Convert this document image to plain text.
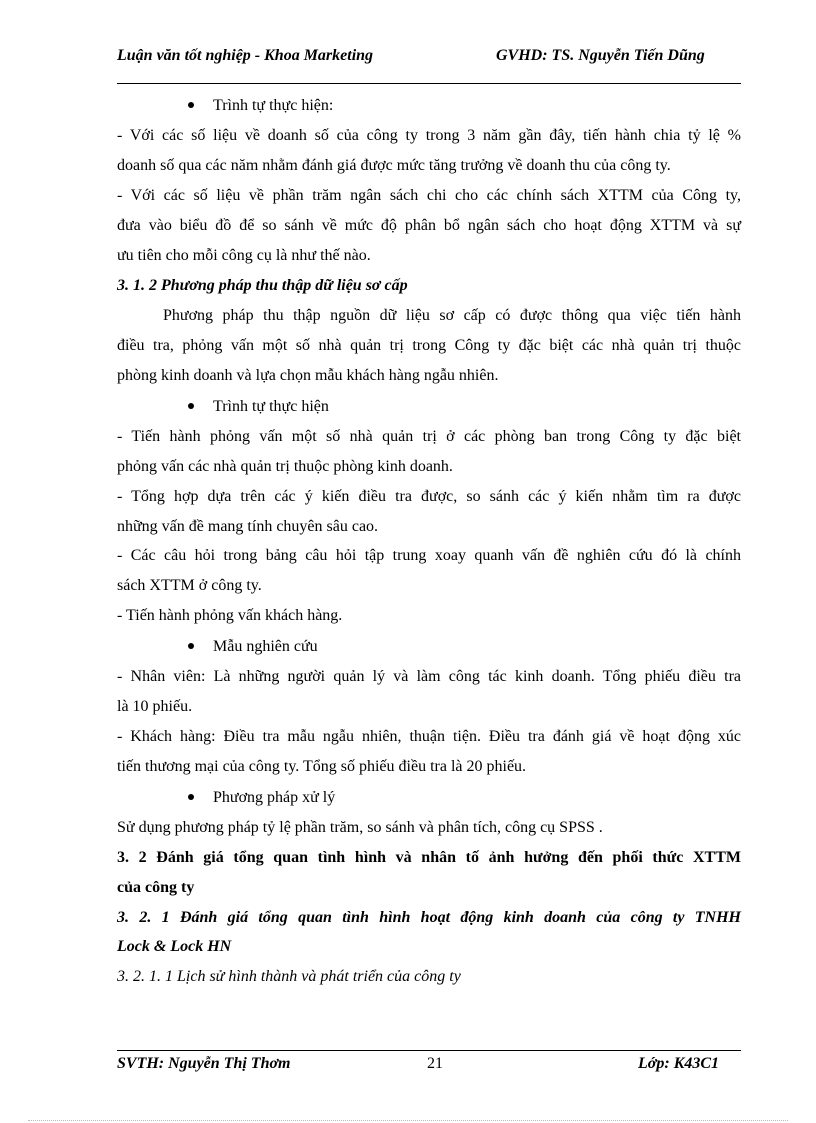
Luận văn tốt nghiệp - Khoa Marketing	GVHD: TS. Nguyễn Tiến Dũng
Trình tự thực hiện:
- Với các số liệu về doanh số của công ty trong 3 năm gần đây, tiến hành chia tỷ lệ %
doanh số qua các năm nhằm đánh giá được mức tăng trưởng về doanh thu của công ty.
- Với các số liệu về phần trăm ngân sách chi cho các chính sách XTTM của Công ty,
đưa vào biểu đồ để so sánh về mức độ phân bổ ngân sách cho hoạt động XTTM và sự
ưu tiên cho mỗi công cụ là như thế nào.
3. 1. 2 Phương pháp thu thập dữ liệu sơ cấp
Phương pháp thu thập nguồn dữ liệu sơ cấp có được thông qua việc tiến hành
điều tra, phỏng vấn một số nhà quản trị trong Công ty đặc biệt các nhà quản trị thuộc
phòng kinh doanh và lựa chọn mẫu khách hàng ngẫu nhiên.
Trình tự thực hiện
- Tiến hành phỏng vấn một số nhà quản trị ở các phòng ban trong Công ty đặc biệt
phỏng vấn các nhà quản trị thuộc phòng kinh doanh.
- Tổng hợp dựa trên các ý kiến điều tra được, so sánh các ý kiến nhằm tìm ra được
những vấn đề mang tính chuyên sâu cao.
- Các câu hỏi trong bảng câu hỏi tập trung xoay quanh vấn đề nghiên cứu đó là chính
sách XTTM ở công ty.
- Tiến hành phỏng vấn khách hàng.
Mẫu nghiên cứu
- Nhân viên: Là những người quản lý và làm công tác kinh doanh. Tổng phiếu điều tra
là 10 phiếu.
- Khách hàng: Điều tra mẫu ngẫu nhiên, thuận tiện. Điều tra đánh giá về hoạt động xúc
tiến thương mại của công ty. Tổng số phiếu điều tra là 20 phiếu.
Phương pháp xử lý
Sử dụng phương pháp tỷ lệ phần trăm, so sánh và phân tích, công cụ SPSS .
3. 2 Đánh giá tổng quan tình hình và nhân tố ảnh hưởng đến phối thức XTTM
của công ty
3. 2. 1 Đánh giá tổng quan tình hình hoạt động kinh doanh của công ty TNHH
Lock & Lock HN
3. 2. 1. 1 Lịch sử hình thành và phát triển của công ty
SVTH: Nguyễn Thị Thơm	21	Lớp: K43C1
